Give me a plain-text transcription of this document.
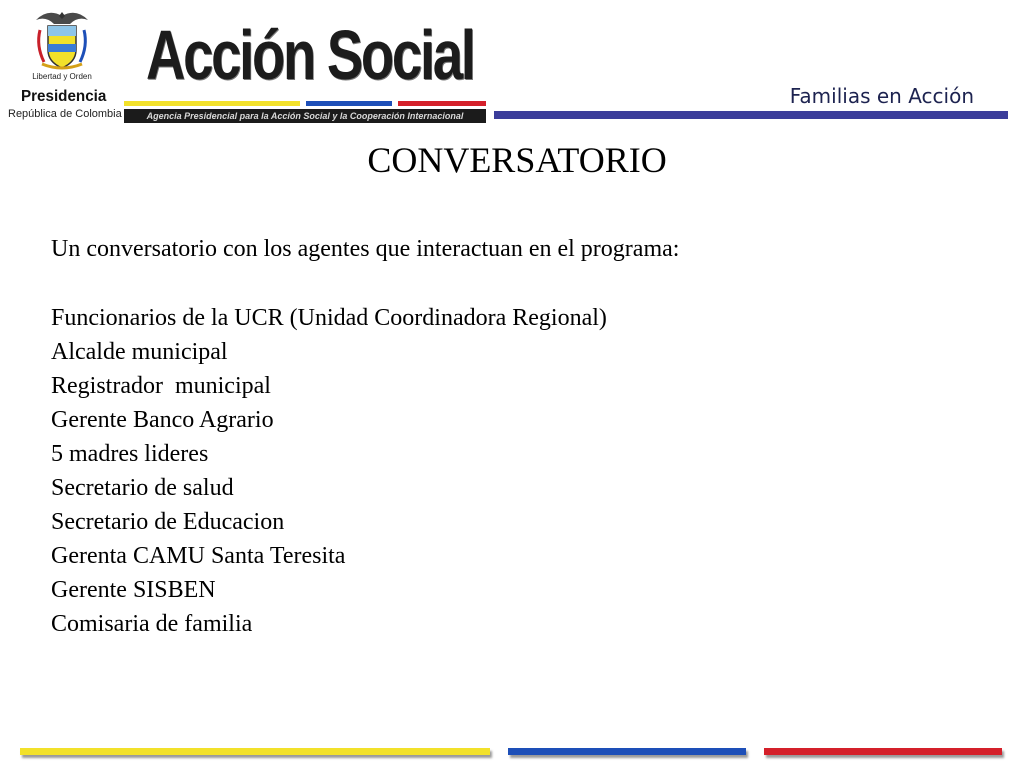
Libertad y Orden
Presidencia
República de Colombia
Acción Social
Agencia Presidencial para la Acción Social y la Cooperación Internacional
Familias en Acción
CONVERSATORIO
Un conversatorio con los agentes que interactuan en el programa:
Funcionarios de la UCR (Unidad Coordinadora Regional)
Alcalde municipal
Registrador  municipal
Gerente Banco Agrario
5 madres lideres
Secretario de salud
Secretario de Educacion
Gerenta CAMU Santa Teresita
Gerente SISBEN
Comisaria de familia
